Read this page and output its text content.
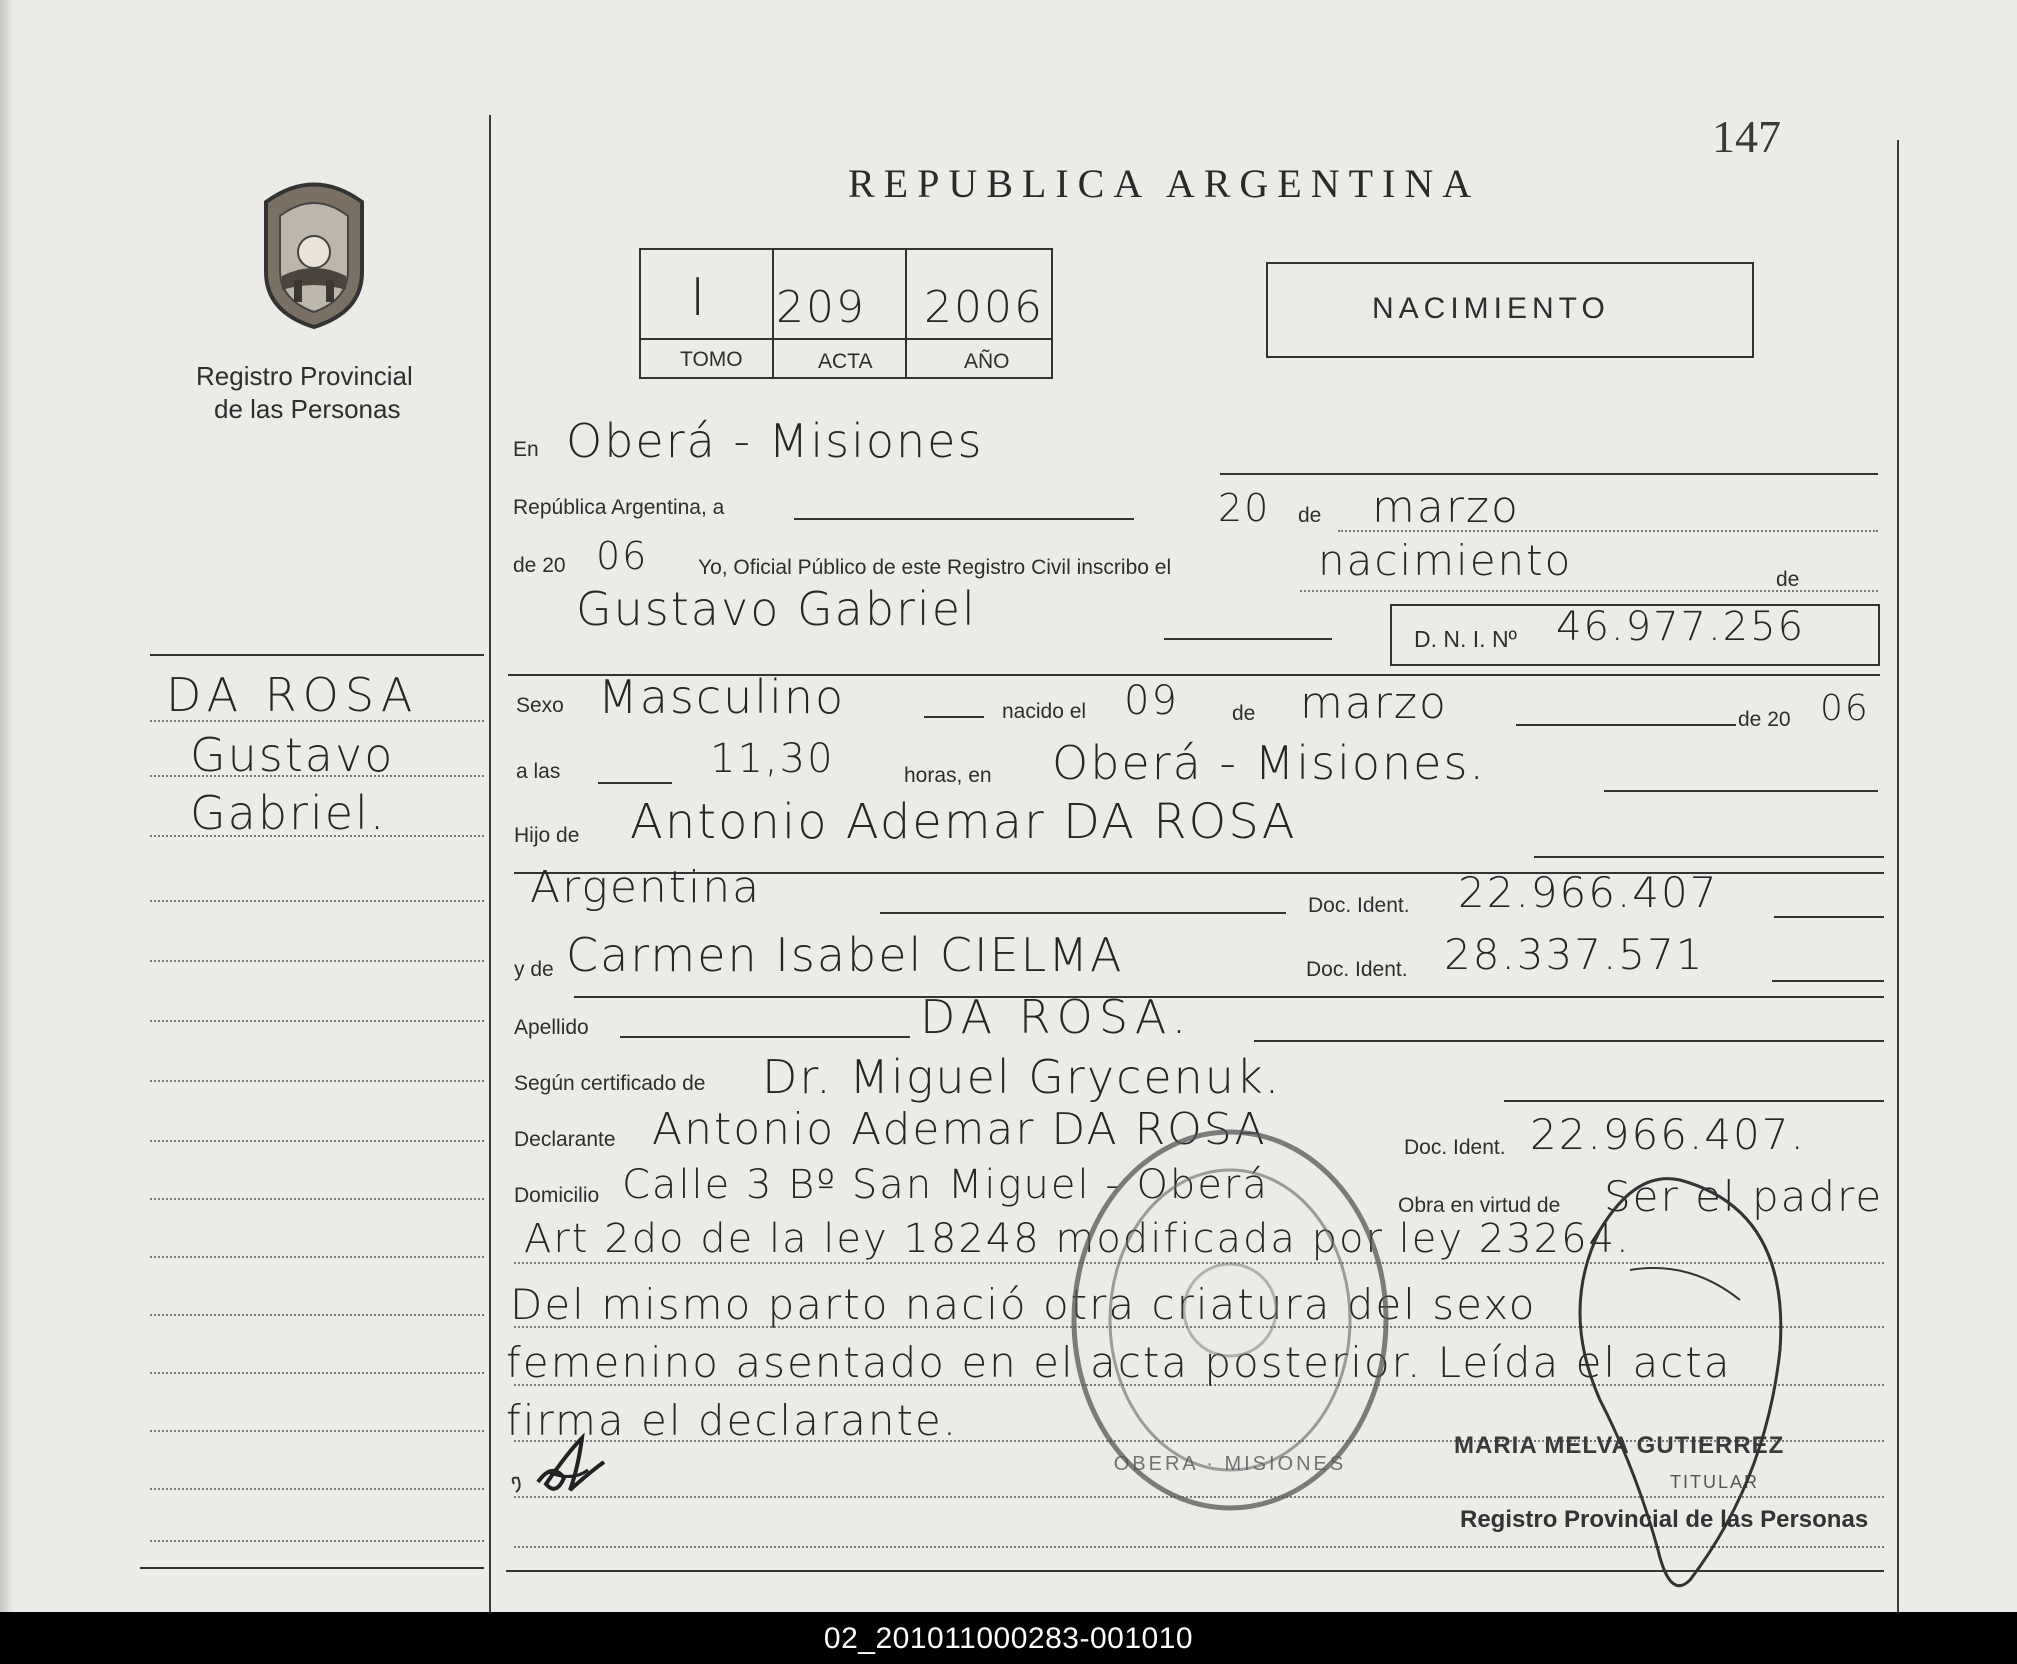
Registro Provincial
de las Personas
DA ROSA
Gustavo
Gabriel.
147
REPUBLICA ARGENTINA
I 209 2006
TOMO	ACTA	AÑO
NACIMIENTO
En Oberá - Misiones
República Argentina, a	20 de marzo
de 20 06 Yo, Oficial Público de este Registro Civil inscribo el	nacimiento	de
Gustavo Gabriel
D. N. I. Nº 46.977.256
Sexo Masculino	nacido el 09	de marzo	de 20 06
a las	11,30	horas, en Oberá - Misiones.
Hijo de Antonio Ademar DA ROSA
Argentina	Doc. Ident. 22.966.407
y de Carmen Isabel CIELMA	Doc. Ident. 28.337.571
Apellido	DA ROSA.
Según certificado de Dr. Miguel Grycenuk.
Declarante Antonio Ademar DA ROSA	Doc. Ident. 22.966.407.
Domicilio Calle 3 Bº San Miguel - Oberá	Obra en virtud de Ser el padre
Art 2do de la ley 18248 modificada por ley 23264.
Del mismo parto nació otra criatura del sexo
femenino asentado en el acta posterior. Leída el acta
firma el declarante.
OBERA · MISIONES
MARIA MELVA GUTIERREZ
TITULAR
Registro Provincial de las Personas
02_201011000283-001010
